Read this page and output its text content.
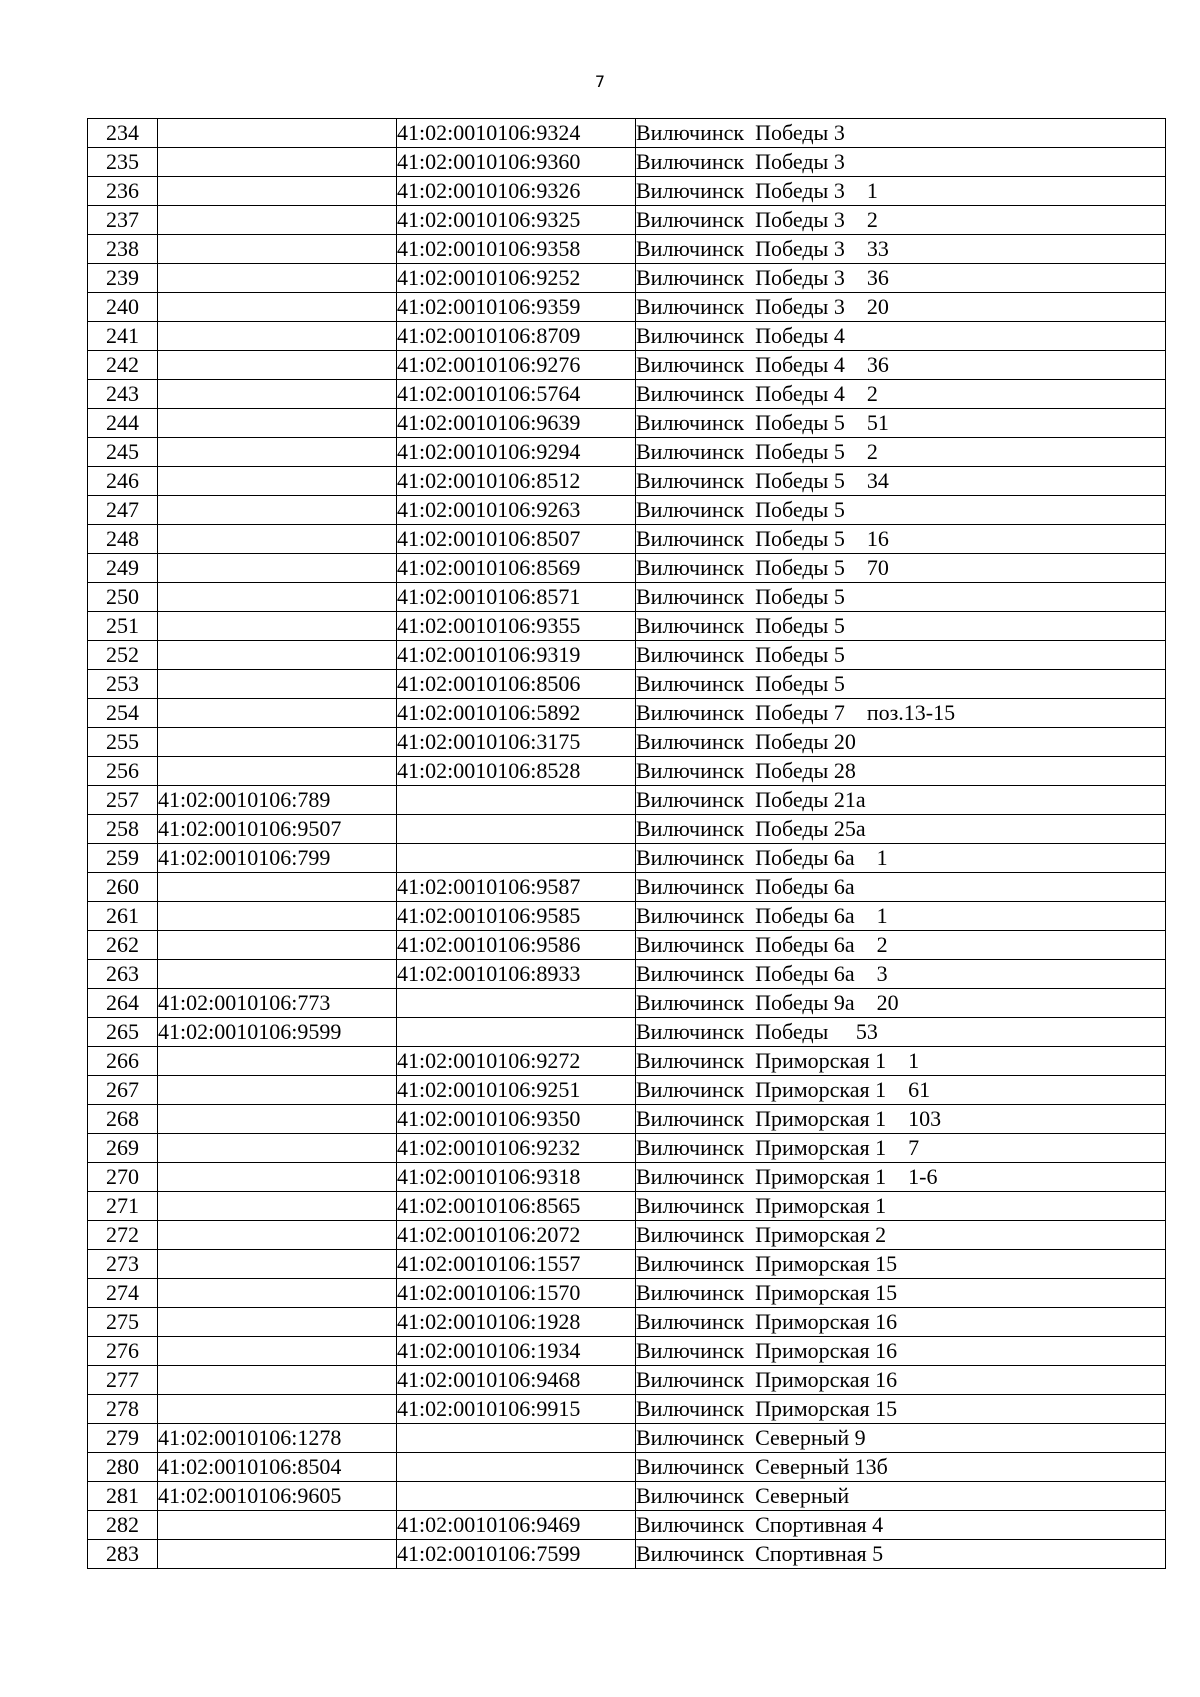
7
234		41:02:0010106:9324	Вилючинск  Победы 3
235		41:02:0010106:9360	Вилючинск  Победы 3
236		41:02:0010106:9326	Вилючинск  Победы 3    1
237		41:02:0010106:9325	Вилючинск  Победы 3    2
238		41:02:0010106:9358	Вилючинск  Победы 3    33
239		41:02:0010106:9252	Вилючинск  Победы 3    36
240		41:02:0010106:9359	Вилючинск  Победы 3    20
241		41:02:0010106:8709	Вилючинск  Победы 4
242		41:02:0010106:9276	Вилючинск  Победы 4    36
243		41:02:0010106:5764	Вилючинск  Победы 4    2
244		41:02:0010106:9639	Вилючинск  Победы 5    51
245		41:02:0010106:9294	Вилючинск  Победы 5    2
246		41:02:0010106:8512	Вилючинск  Победы 5    34
247		41:02:0010106:9263	Вилючинск  Победы 5
248		41:02:0010106:8507	Вилючинск  Победы 5    16
249		41:02:0010106:8569	Вилючинск  Победы 5    70
250		41:02:0010106:8571	Вилючинск  Победы 5
251		41:02:0010106:9355	Вилючинск  Победы 5
252		41:02:0010106:9319	Вилючинск  Победы 5
253		41:02:0010106:8506	Вилючинск  Победы 5
254		41:02:0010106:5892	Вилючинск  Победы 7    поз.13-15
255		41:02:0010106:3175	Вилючинск  Победы 20
256		41:02:0010106:8528	Вилючинск  Победы 28
257	41:02:0010106:789		Вилючинск  Победы 21а
258	41:02:0010106:9507		Вилючинск  Победы 25а
259	41:02:0010106:799		Вилючинск  Победы 6а    1
260		41:02:0010106:9587	Вилючинск  Победы 6а
261		41:02:0010106:9585	Вилючинск  Победы 6а    1
262		41:02:0010106:9586	Вилючинск  Победы 6а    2
263		41:02:0010106:8933	Вилючинск  Победы 6а    3
264	41:02:0010106:773		Вилючинск  Победы 9а    20
265	41:02:0010106:9599		Вилючинск  Победы     53
266		41:02:0010106:9272	Вилючинск  Приморская 1    1
267		41:02:0010106:9251	Вилючинск  Приморская 1    61
268		41:02:0010106:9350	Вилючинск  Приморская 1    103
269		41:02:0010106:9232	Вилючинск  Приморская 1    7
270		41:02:0010106:9318	Вилючинск  Приморская 1    1-6
271		41:02:0010106:8565	Вилючинск  Приморская 1
272		41:02:0010106:2072	Вилючинск  Приморская 2
273		41:02:0010106:1557	Вилючинск  Приморская 15
274		41:02:0010106:1570	Вилючинск  Приморская 15
275		41:02:0010106:1928	Вилючинск  Приморская 16
276		41:02:0010106:1934	Вилючинск  Приморская 16
277		41:02:0010106:9468	Вилючинск  Приморская 16
278		41:02:0010106:9915	Вилючинск  Приморская 15
279	41:02:0010106:1278		Вилючинск  Северный 9
280	41:02:0010106:8504		Вилючинск  Северный 13б
281	41:02:0010106:9605		Вилючинск  Северный
282		41:02:0010106:9469	Вилючинск  Спортивная 4
283		41:02:0010106:7599	Вилючинск  Спортивная 5
